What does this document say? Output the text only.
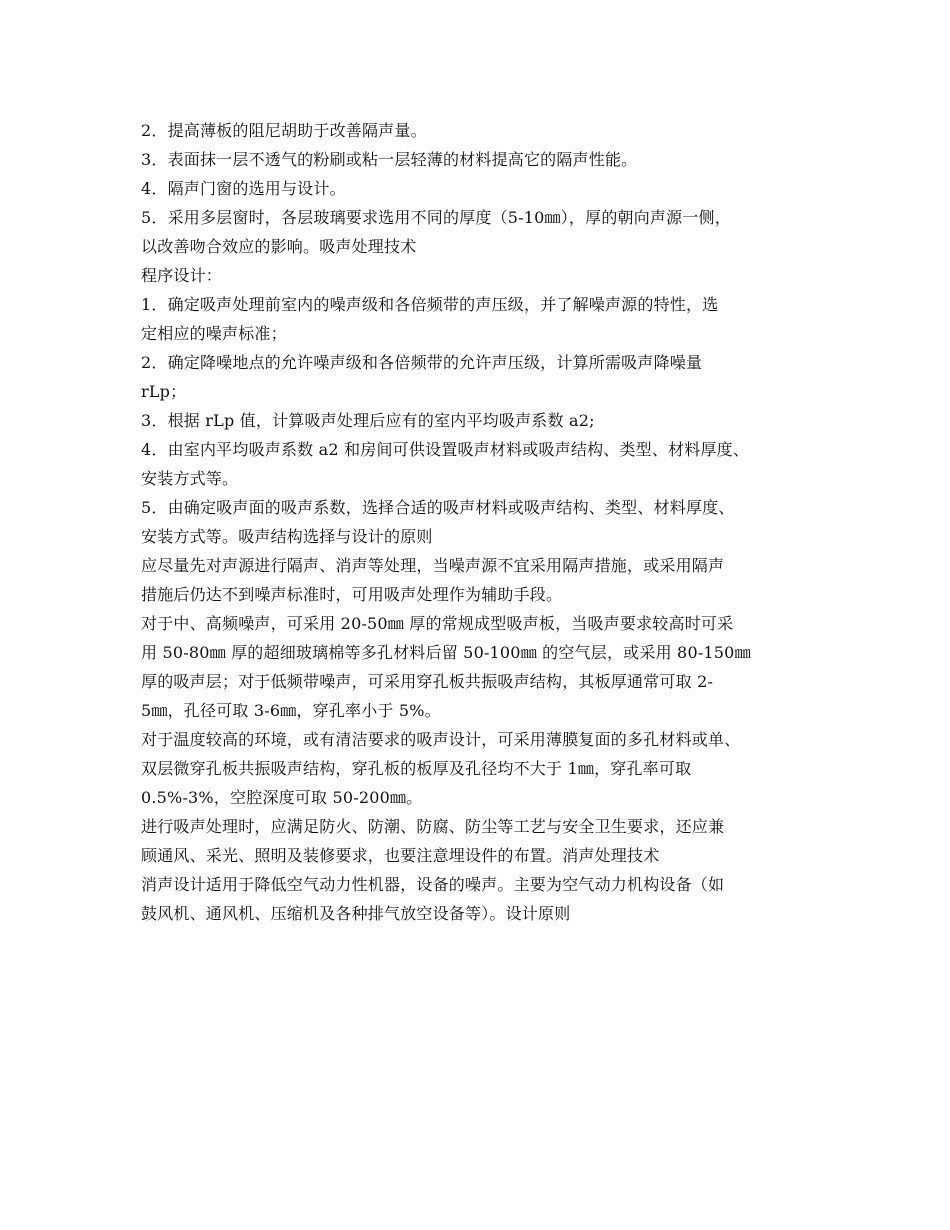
2．提高薄板的阻尼胡助于改善隔声量。
3．表面抹一层不透气的粉刷或粘一层轻薄的材料提高它的隔声性能。
4．隔声门窗的选用与设计。
5．采用多层窗时，各层玻璃要求选用不同的厚度（5-10㎜），厚的朝向声源一侧，
以改善吻合效应的影响。吸声处理技术
程序设计：
1．确定吸声处理前室内的噪声级和各倍频带的声压级，并了解噪声源的特性，选
定相应的噪声标准；
2．确定降噪地点的允许噪声级和各倍频带的允许声压级，计算所需吸声降噪量
rLp；
3．根据 rLp 值，计算吸声处理后应有的室内平均吸声系数 a2;
4．由室内平均吸声系数 a2 和房间可供设置吸声材料或吸声结构、类型、材料厚度、
安装方式等。
5．由确定吸声面的吸声系数，选择合适的吸声材料或吸声结构、类型、材料厚度、
安装方式等。吸声结构选择与设计的原则
应尽量先对声源进行隔声、消声等处理，当噪声源不宜采用隔声措施，或采用隔声
措施后仍达不到噪声标准时，可用吸声处理作为辅助手段。
对于中、高频噪声，可采用 20-50㎜ 厚的常规成型吸声板，当吸声要求较高时可采
用 50-80㎜ 厚的超细玻璃棉等多孔材料后留 50-100㎜ 的空气层，或采用 80-150㎜
厚的吸声层；对于低频带噪声，可采用穿孔板共振吸声结构，其板厚通常可取 2-
5㎜，孔径可取 3-6㎜，穿孔率小于 5%。
对于温度较高的环境，或有清洁要求的吸声设计，可采用薄膜复面的多孔材料或单、
双层微穿孔板共振吸声结构，穿孔板的板厚及孔径均不大于 1㎜，穿孔率可取
0.5%-3%，空腔深度可取 50-200㎜。
进行吸声处理时，应满足防火、防潮、防腐、防尘等工艺与安全卫生要求，还应兼
顾通风、采光、照明及装修要求，也要注意埋设件的布置。消声处理技术
消声设计适用于降低空气动力性机器，设备的噪声。主要为空气动力机构设备（如
鼓风机、通风机、压缩机及各种排气放空设备等）。设计原则
